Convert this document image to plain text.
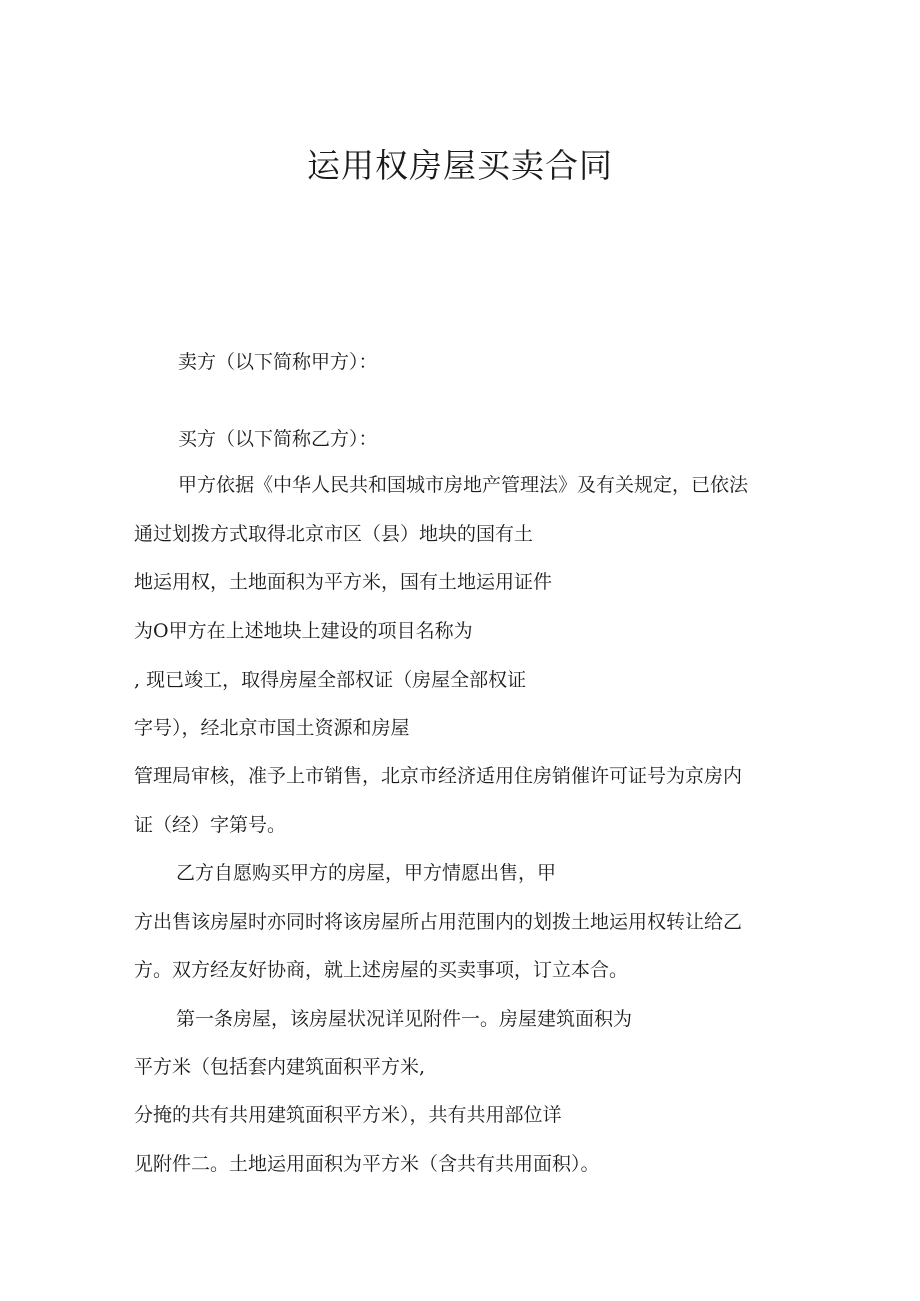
运用权房屋买卖合同

卖方（以下简称甲方）：

买方（以下简称乙方）：

甲方依据《中华人民共和国城市房地产管理法》及有关规定，已依法

通过划拨方式取得北京市区（县）地块的国有土

地运用权，土地面积为平方米，国有土地运用证件

为O甲方在上述地块上建设的项目名称为

, 现已竣工，取得房屋全部权证（房屋全部权证

字号），经北京市国土资源和房屋

管理局审核，准予上市销售，北京市经济适用住房销催许可证号为京房内

证（经）字第号。

乙方自愿购买甲方的房屋，甲方情愿出售，甲

方出售该房屋时亦同时将该房屋所占用范围内的划拨土地运用权转让给乙

方。双方经友好协商，就上述房屋的买卖事项，订立本合。

第一条房屋，该房屋状况详见附件一。房屋建筑面积为

平方米（包括套内建筑面积平方米,

分掩的共有共用建筑面积平方米），共有共用部位详

见附件二。土地运用面积为平方米（含共有共用面积）。
